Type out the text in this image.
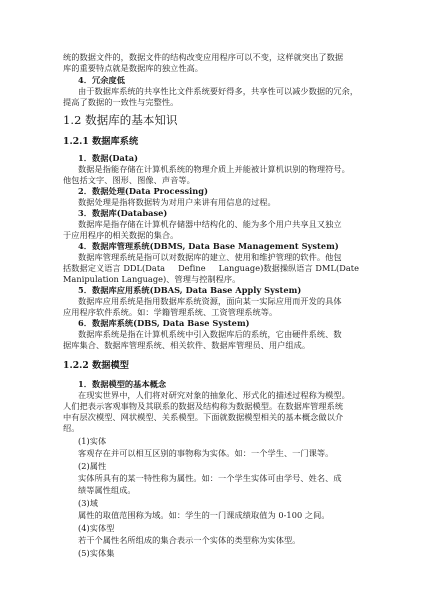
统的数据文件的，数据文件的结构改变应用程序可以不变，这样就突出了数据

库的重要特点就是数据库的独立性高。

4．冗余度低

由于数据库系统的共享性比文件系统要好得多，共享性可以减少数据的冗余，

提高了数据的一致性与完整性。

1.2 数据库的基本知识

1.2.1 数据库系统

1．数据(Data)

数据是指能存储在计算机系统的物理介质上并能被计算机识别的物理符号。

他包括文字、图形、图像、声音等。

2．数据处理(Data Processing)

数据处理是指将数据转为对用户来讲有用信息的过程。

3．数据库(Database)

数据库是指存储在计算机存储器中结构化的、能为多个用户共享且又独立

于应用程序的相关数据的集合。

4．数据库管理系统(DBMS, Data Base Management System)

数据库管理系统是指可以对数据库的建立、使用和维护管理的软件。他包

括数据定义语言 DDL(Data Define Language)数据操纵语言 DML(Date

Manipulation Language)、管理与控制程序。

5．数据库应用系统(DBAS, Data Base Apply System)

数据库应用系统是指用数据库系统资源，面向某一实际应用而开发的具体

应用程序软件系统。如：学籍管理系统、工资管理系统等。

6．数据库系统(DBS, Data Base System)

数据库系统是指在计算机系统中引入数据库后的系统，它由硬件系统、数

据库集合、数据库管理系统、相关软件、数据库管理员、用户组成。

1.2.2 数据模型

1．数据模型的基本概念

在现实世界中，人们将对研究对象的抽象化、形式化的描述过程称为模型。

人们把表示客观事物及其联系的数据及结构称为数据模型。在数据库管理系统

中有层次模型、网状模型、关系模型。下面就数据模型相关的基本概念做以介

绍。

(1)实体

客观存在并可以相互区别的事物称为实体。如：一个学生、一门课等。

(2)属性

实体所具有的某一特性称为属性。如：一个学生实体可由学号、姓名、成

绩等属性组成。

(3)域

属性的取值范围称为域。如：学生的一门课成绩取值为 0-100 之间。

(4)实体型

若干个属性名所组成的集合表示一个实体的类型称为实体型。

(5)实体集
